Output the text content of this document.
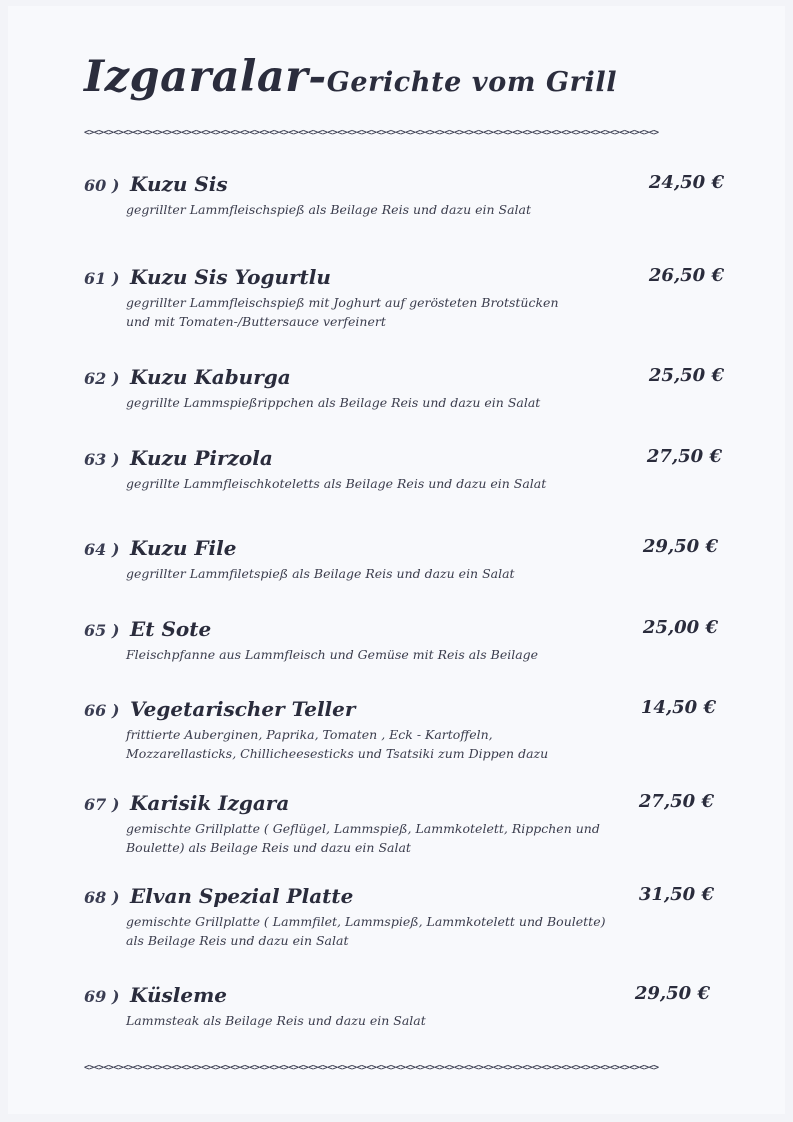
Izgaralar-Gerichte vom Grill
<><><><><><><><><><><><><><><><><><><><><><><><><><><><><><><><><><><><><><><><><><><><><><><><><><><><><><><><><><><>
60 ) Kuzu Sis	24,50 €
gegrillter Lammfleischspieß als Beilage Reis und dazu ein Salat
61 ) Kuzu Sis Yogurtlu	26,50 €
gegrillter Lammfleischspieß mit Joghurt auf gerösteten Brotstücken
und mit Tomaten-/Buttersauce verfeinert
62 ) Kuzu Kaburga	25,50 €
gegrillte Lammspießrippchen als Beilage Reis und dazu ein Salat
63 ) Kuzu Pirzola	27,50 €
gegrillte Lammfleischkoteletts als Beilage Reis und dazu ein Salat
64 ) Kuzu File	29,50 €
gegrillter Lammfiletspieß als Beilage Reis und dazu ein Salat
65 ) Et Sote	25,00 €
Fleischpfanne aus Lammfleisch und Gemüse mit Reis als Beilage
66 ) Vegetarischer Teller	14,50 €
frittierte Auberginen, Paprika, Tomaten , Eck - Kartoffeln,
Mozzarellasticks, Chillicheesesticks und Tsatsiki zum Dippen dazu
67 ) Karisik Izgara	27,50 €
gemischte Grillplatte ( Geflügel, Lammspieß, Lammkotelett, Rippchen und
Boulette) als Beilage Reis und dazu ein Salat
68 ) Elvan Spezial Platte	31,50 €
gemischte Grillplatte ( Lammfilet, Lammspieß, Lammkotelett und Boulette)
als Beilage Reis und dazu ein Salat
69 ) Küsleme	29,50 €
Lammsteak als Beilage Reis und dazu ein Salat
<><><><><><><><><><><><><><><><><><><><><><><><><><><><><><><><><><><><><><><><><><><><><><><><><><><><><><><><><><><>
